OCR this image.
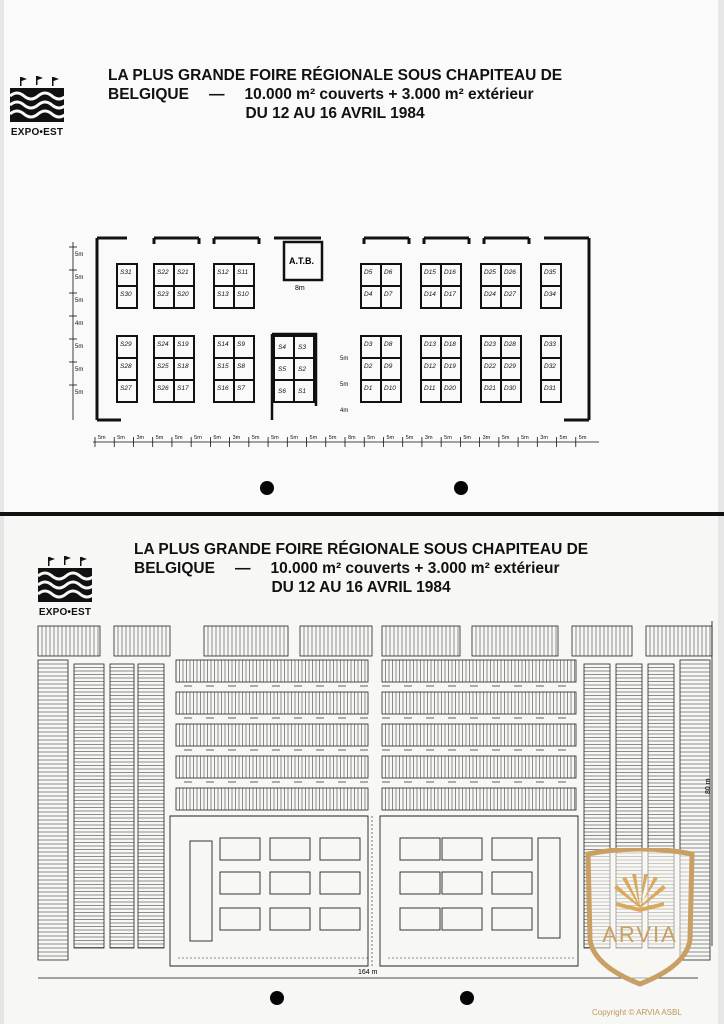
EXPO•EST
LA PLUS GRANDE FOIRE RÉGIONALE SOUS CHAPITEAU DE
BELGIQUE — 10.000 m² couverts + 3.000 m² extérieur
DU 12 AU 16 AVRIL 1984
A.T.B.
8m
S31	S22 S21	S12 S11
S30	S23 S20	S13 S10
S29	S24 S19	S14 S9
S28	S25 S18	S15 S8
S27	S26 S17	S16 S7
D5 D6	D15 D16	D25 D26	D35
D4 D7	D14 D17	D24 D27	D34
D3 D8	D13 D18	D23 D28	D33
D2 D9	D12 D19	D22 D29	D32
D1 D10	D11 D20	D21 D30	D31
S4 S3
S5 S2
S6 S1
5m
5m
5m
4m
5m
5m
5m
5m
5m
4m
5m 5m 3m 5m 5m 5m 5m 3m 5m 5m 5m 5m 5m 8m 5m 5m 5m 3m 5m 5m 3m 5m 5m 3m 5m 5m
EXPO•EST
LA PLUS GRANDE FOIRE RÉGIONALE SOUS CHAPITEAU DE
BELGIQUE — 10.000 m² couverts + 3.000 m² extérieur
DU 12 AU 16 AVRIL 1984
164 m
80 m
ARVIA
Copyright © ARVIA ASBL
